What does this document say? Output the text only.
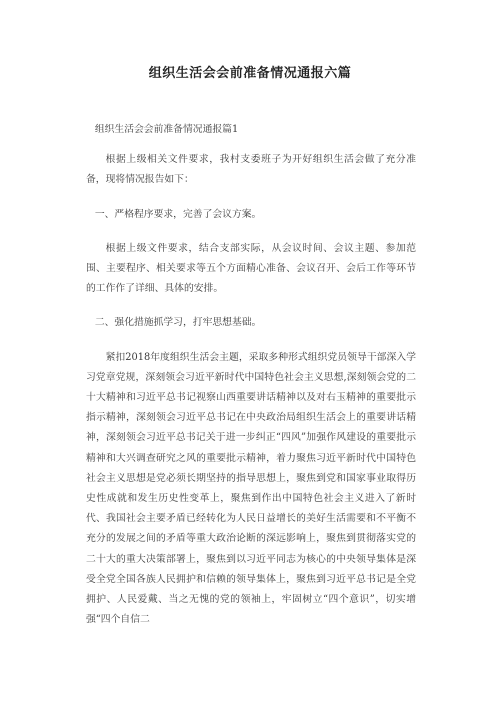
组织生活会会前准备情况通报六篇

组织生活会会前准备情况通报篇1

根据上级相关文件要求，我村支委班子为开好组织生活会做了充分准备，现将情况报告如下：

一、严格程序要求，完善了会议方案。

根据上级文件要求，结合支部实际，从会议时间、会议主题、参加范围、主要程序、相关要求等五个方面精心准备、会议召开、会后工作等环节的工作作了详细、具体的安排。

二、强化措施抓学习，打牢思想基础。

紧扣2018年度组织生活会主题，采取多种形式组织党员领导干部深入学习党章党规，深刻领会习近平新时代中国特色社会主义思想,深刻领会党的二十大精神和习近平总书记视察山西重要讲话精神以及对右玉精神的重要批示指示精神，深刻领会习近平总书记在中央政治局组织生活会上的重要讲话精神，深刻领会习近平总书记关于进一步纠正“四风”加强作风建设的重要批示精神和大兴调查研究之风的重要批示精神，着力聚焦习近平新时代中国特色社会主义思想是党必须长期坚持的指导思想上，聚焦到党和国家事业取得历史性成就和发生历史性变革上，聚焦到作出中国特色社会主义进入了新时代、我国社会主要矛盾已经转化为人民日益增长的美好生活需要和不平衡不充分的发展之间的矛盾等重大政治论断的深远影响上，聚焦到贯彻落实党的二十大的重大决策部署上，聚焦到以习近平同志为核心的中央领导集体是深受全党全国各族人民拥护和信赖的领导集体上，聚焦到习近平总书记是全党拥护、人民爱戴、当之无愧的党的领袖上，牢固树立“四个意识”，切实增强“四个自信二
